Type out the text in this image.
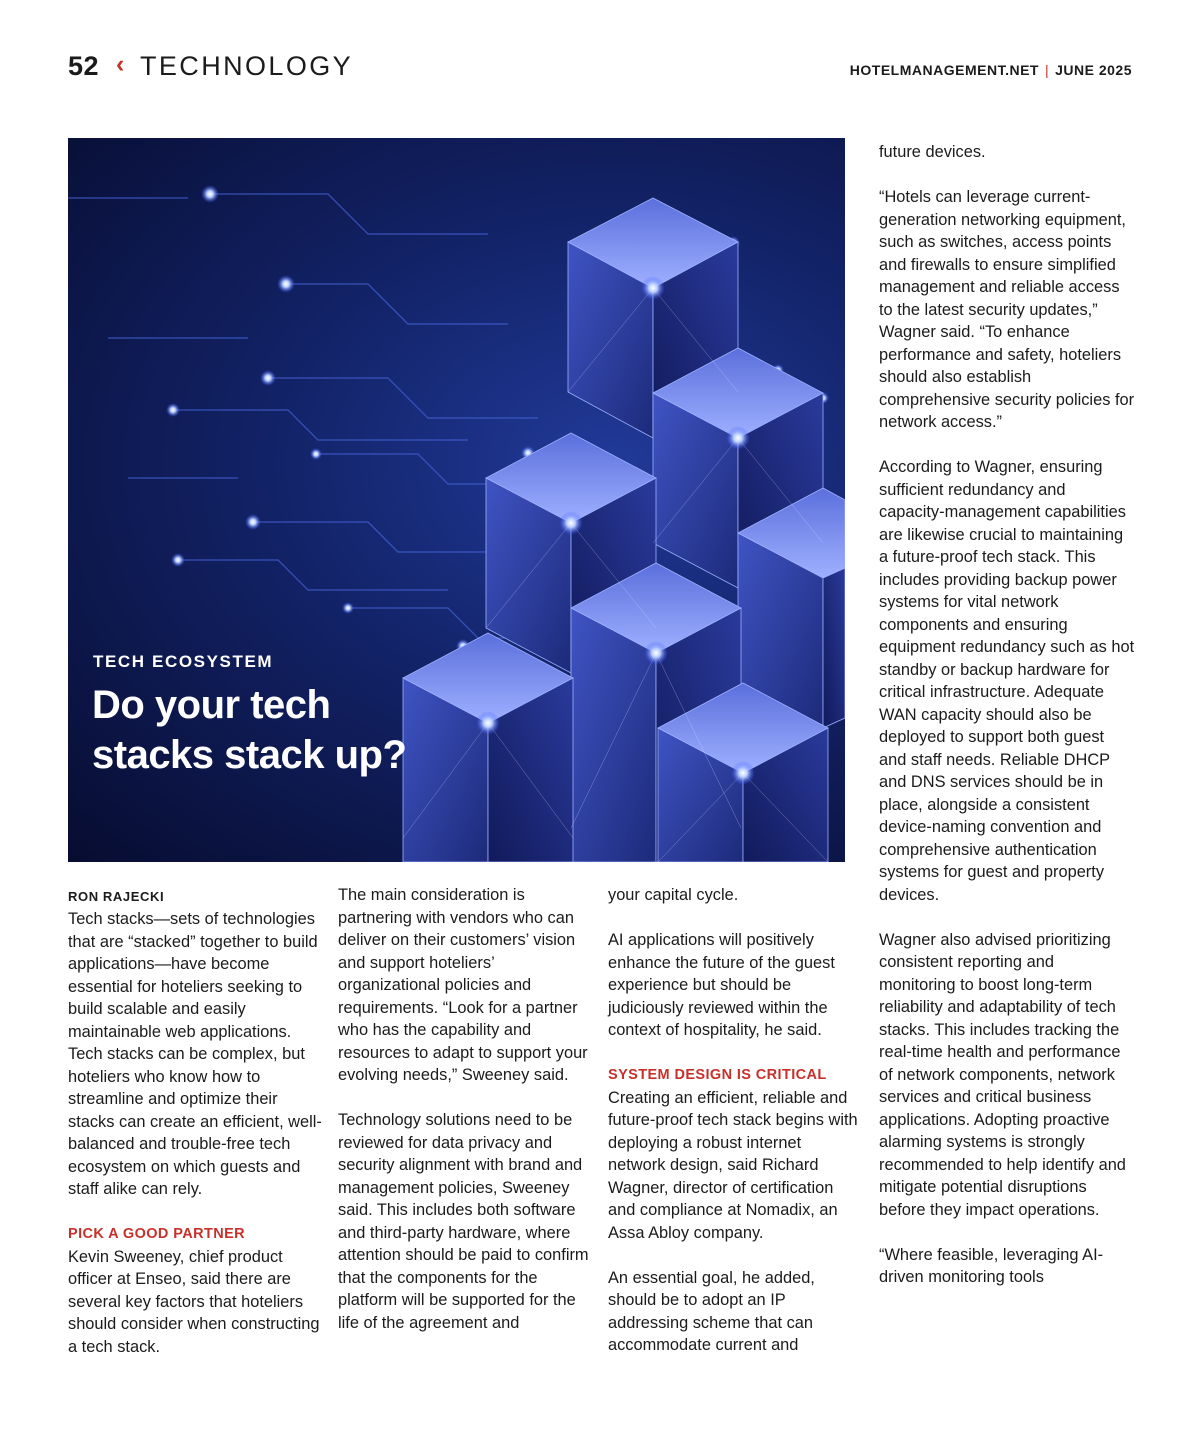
52 ‹ TECHNOLOGY	HOTELMANAGEMENT.NET | JUNE 2025
TECH ECOSYSTEM
Do your tech stacks stack up?
RON RAJECKI

Tech stacks—sets of technologies that are “stacked” together to build applications—have become essential for hoteliers seeking to build scalable and easily maintainable web applications. Tech stacks can be complex, but hoteliers who know how to streamline and optimize their stacks can create an efficient, well-balanced and trouble-free tech ecosystem on which guests and staff alike can rely.

PICK A GOOD PARTNER

Kevin Sweeney, chief product officer at Enseo, said there are several key factors that hoteliers should consider when constructing a tech stack.

The main consideration is partnering with vendors who can deliver on their customers’ vision and support hoteliers’ organizational policies and requirements. “Look for a partner who has the capability and resources to adapt to support your evolving needs,” Sweeney said.

Technology solutions need to be reviewed for data privacy and security alignment with brand and management policies, Sweeney said. This includes both software and third-party hardware, where attention should be paid to confirm that the components for the platform will be supported for the life of the agreement and

your capital cycle.

AI applications will positively enhance the future of the guest experience but should be judiciously reviewed within the context of hospitality, he said.

SYSTEM DESIGN IS CRITICAL

Creating an efficient, reliable and future-proof tech stack begins with deploying a robust internet network design, said Richard Wagner, director of certification and compliance at Nomadix, an Assa Abloy company.

An essential goal, he added, should be to adopt an IP addressing scheme that can accommodate current and

future devices.

“Hotels can leverage current-generation networking equipment, such as switches, access points and firewalls to ensure simplified management and reliable access to the latest security updates,” Wagner said. “To enhance performance and safety, hoteliers should also establish comprehensive security policies for network access.”

According to Wagner, ensuring sufficient redundancy and capacity-management capabilities are likewise crucial to maintaining a future-proof tech stack. This includes providing backup power systems for vital network components and ensuring equipment redundancy such as hot standby or backup hardware for critical infrastructure. Adequate WAN capacity should also be deployed to support both guest and staff needs. Reliable DHCP and DNS services should be in place, alongside a consistent device-naming convention and comprehensive authentication systems for guest and property devices.

Wagner also advised prioritizing consistent reporting and monitoring to boost long-term reliability and adaptability of tech stacks. This includes tracking the real-time health and performance of network components, network services and critical business applications. Adopting proactive alarming systems is strongly recommended to help identify and mitigate potential disruptions before they impact operations.

“Where feasible, leveraging AI-driven monitoring tools
